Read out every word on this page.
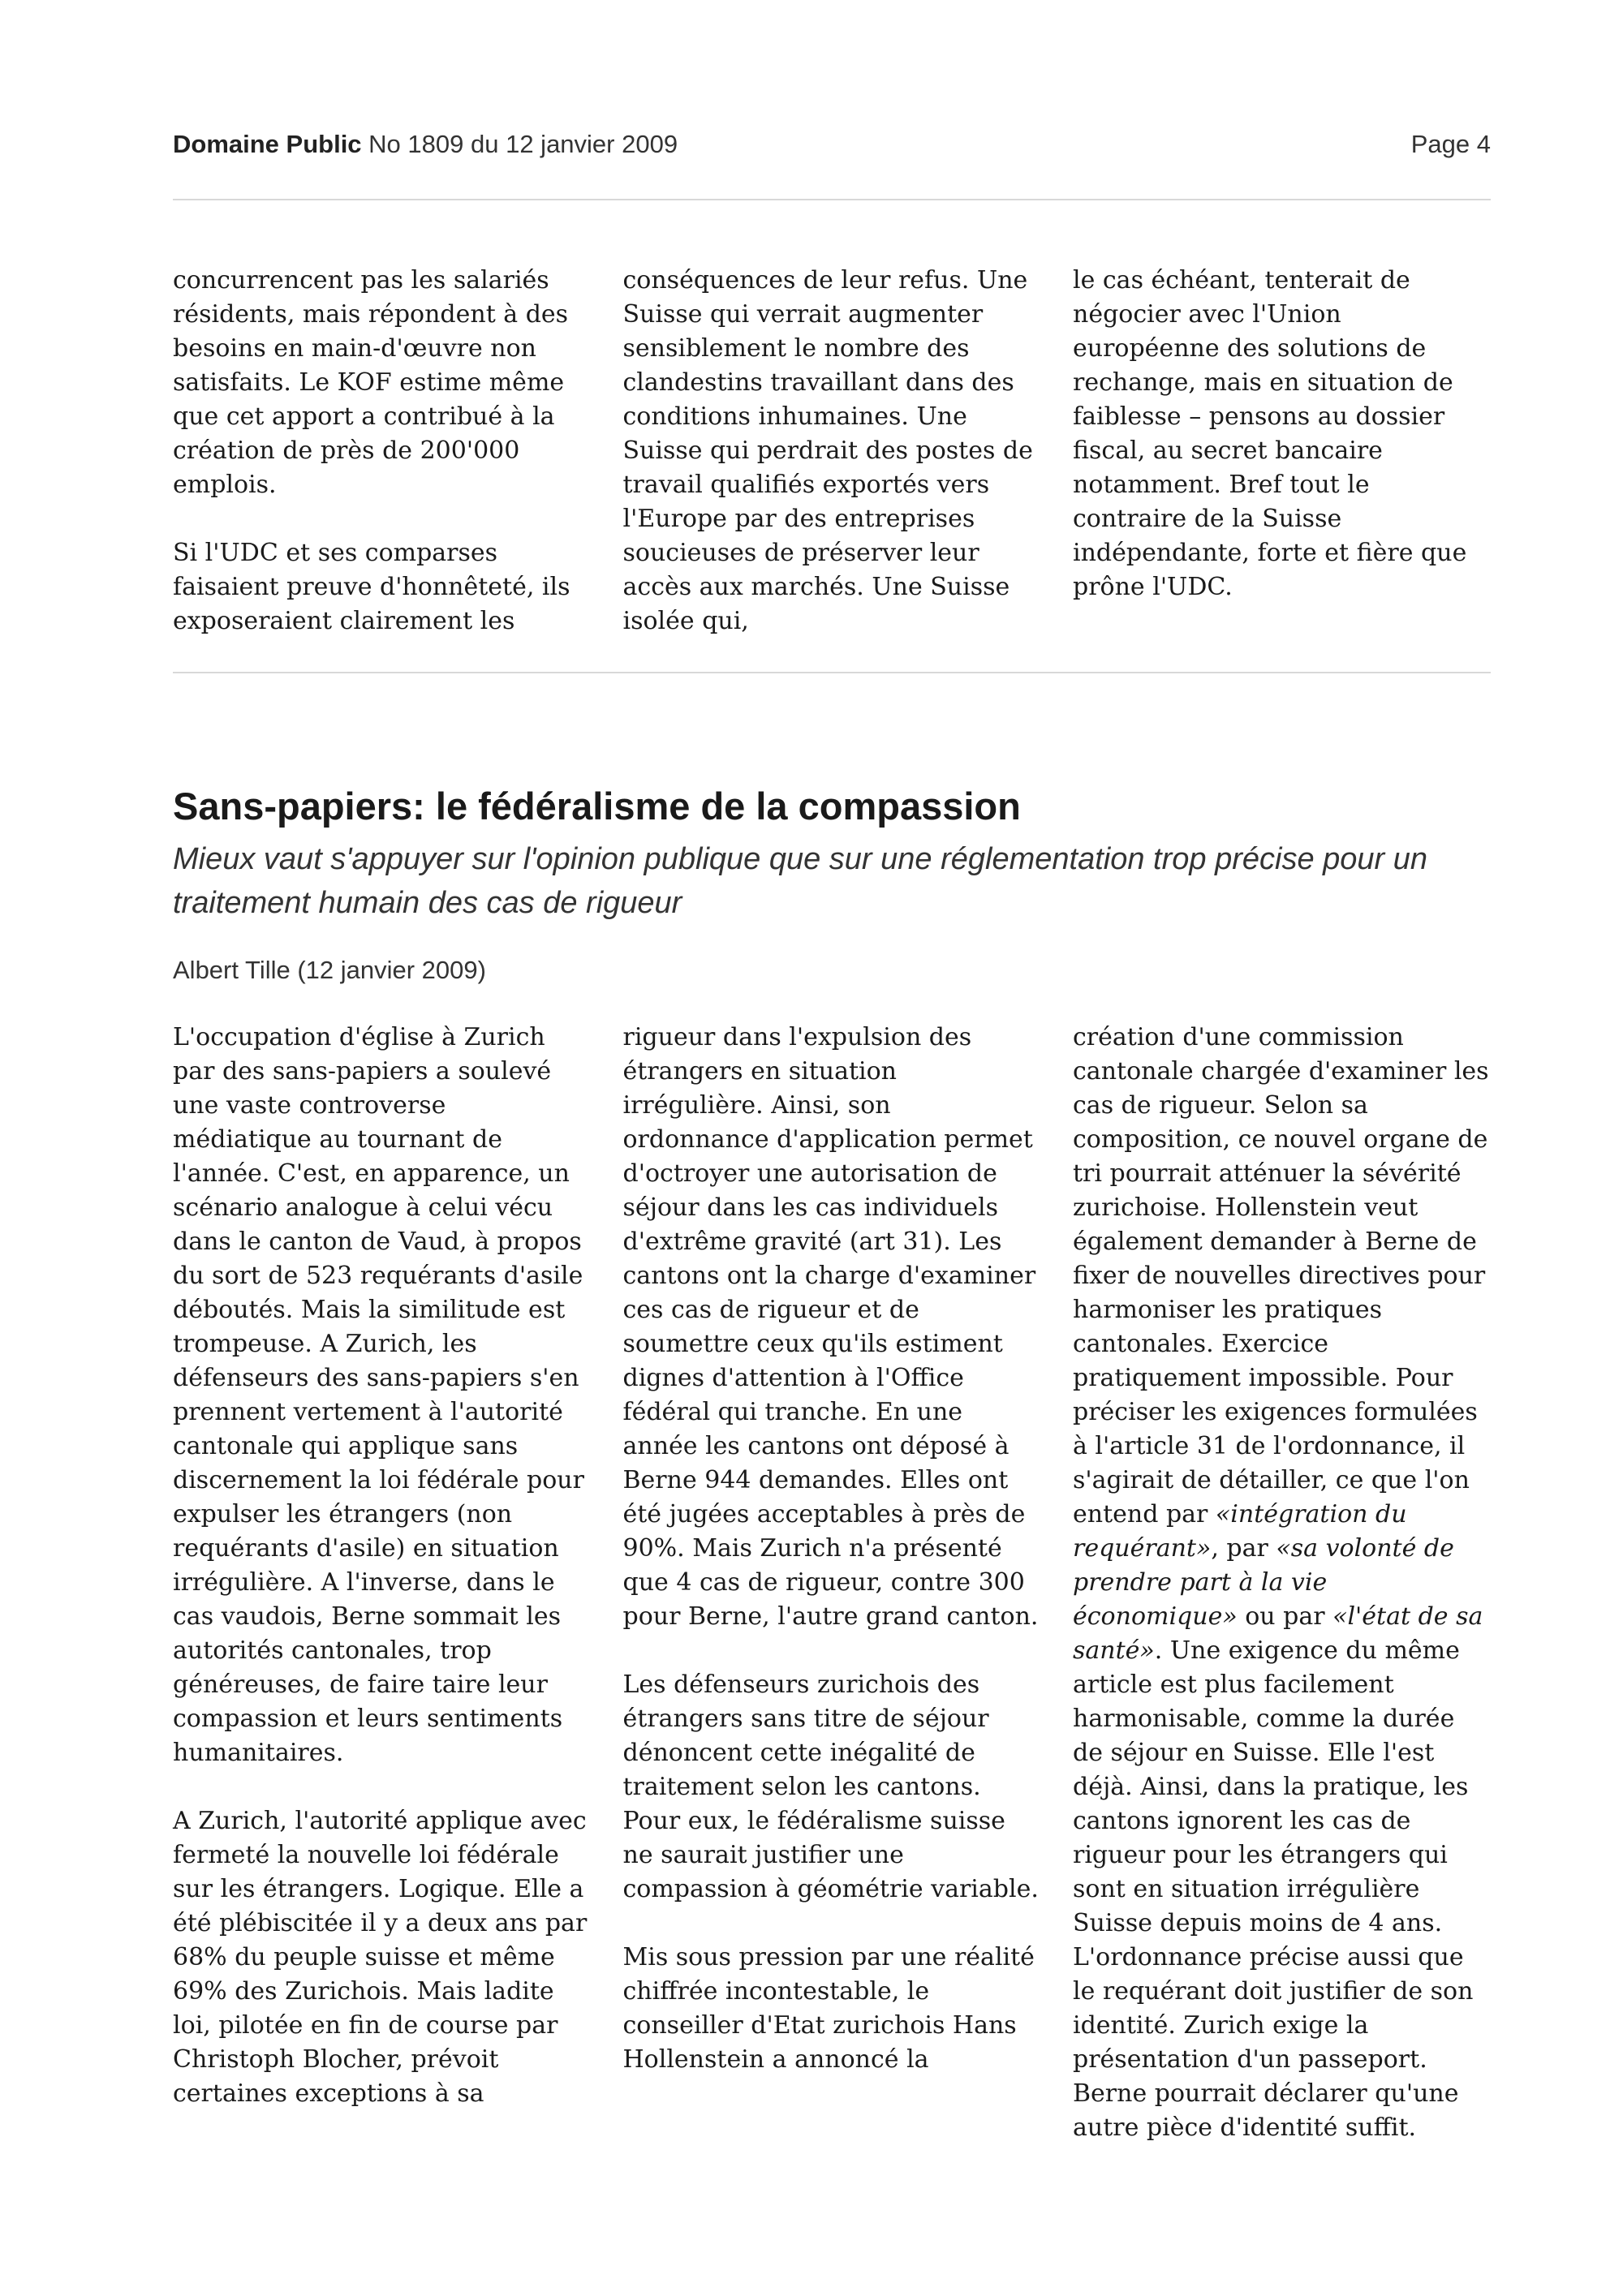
Domaine Public No 1809 du 12 janvier 2009	Page 4

concurrencent pas les salariés résidents, mais répondent à des besoins en main-d'œuvre non satisfaits. Le KOF estime même que cet apport a contribué à la création de près de 200'000 emplois.

Si l'UDC et ses comparses faisaient preuve d'honnêteté, ils exposeraient clairement les

conséquences de leur refus. Une Suisse qui verrait augmenter sensiblement le nombre des clandestins travaillant dans des conditions inhumaines. Une Suisse qui perdrait des postes de travail qualifiés exportés vers l'Europe par des entreprises soucieuses de préserver leur accès aux marchés. Une Suisse isolée qui,

le cas échéant, tenterait de négocier avec l'Union européenne des solutions de rechange, mais en situation de faiblesse – pensons au dossier fiscal, au secret bancaire notamment. Bref tout le contraire de la Suisse indépendante, forte et fière que prône l'UDC.

Sans-papiers: le fédéralisme de la compassion
Mieux vaut s'appuyer sur l'opinion publique que sur une réglementation trop précise pour un traitement humain des cas de rigueur
Albert Tille (12 janvier 2009)

L'occupation d'église à Zurich par des sans-papiers a soulevé une vaste controverse médiatique au tournant de l'année. C'est, en apparence, un scénario analogue à celui vécu dans le canton de Vaud, à propos du sort de 523 requérants d'asile déboutés. Mais la similitude est trompeuse. A Zurich, les défenseurs des sans-papiers s'en prennent vertement à l'autorité cantonale qui applique sans discernement la loi fédérale pour expulser les étrangers (non requérants d'asile) en situation irrégulière. A l'inverse, dans le cas vaudois, Berne sommait les autorités cantonales, trop généreuses, de faire taire leur compassion et leurs sentiments humanitaires.

A Zurich, l'autorité applique avec fermeté la nouvelle loi fédérale sur les étrangers. Logique. Elle a été plébiscitée il y a deux ans par 68% du peuple suisse et même 69% des Zurichois. Mais ladite loi, pilotée en fin de course par Christoph Blocher, prévoit certaines exceptions à sa

rigueur dans l'expulsion des étrangers en situation irrégulière. Ainsi, son ordonnance d'application permet d'octroyer une autorisation de séjour dans les cas individuels d'extrême gravité (art 31). Les cantons ont la charge d'examiner ces cas de rigueur et de soumettre ceux qu'ils estiment dignes d'attention à l'Office fédéral qui tranche. En une année les cantons ont déposé à Berne 944 demandes. Elles ont été jugées acceptables à près de 90%. Mais Zurich n'a présenté que 4 cas de rigueur, contre 300 pour Berne, l'autre grand canton.

Les défenseurs zurichois des étrangers sans titre de séjour dénoncent cette inégalité de traitement selon les cantons. Pour eux, le fédéralisme suisse ne saurait justifier une compassion à géométrie variable.

Mis sous pression par une réalité chiffrée incontestable, le conseiller d'Etat zurichois Hans Hollenstein a annoncé la

création d'une commission cantonale chargée d'examiner les cas de rigueur. Selon sa composition, ce nouvel organe de tri pourrait atténuer la sévérité zurichoise. Hollenstein veut également demander à Berne de fixer de nouvelles directives pour harmoniser les pratiques cantonales. Exercice pratiquement impossible. Pour préciser les exigences formulées à l'article 31 de l'ordonnance, il s'agirait de détailler, ce que l'on entend par «intégration du requérant», par «sa volonté de prendre part à la vie économique» ou par «l'état de sa santé». Une exigence du même article est plus facilement harmonisable, comme la durée de séjour en Suisse. Elle l'est déjà. Ainsi, dans la pratique, les cantons ignorent les cas de rigueur pour les étrangers qui sont en situation irrégulière Suisse depuis moins de 4 ans. L'ordonnance précise aussi que le requérant doit justifier de son identité. Zurich exige la présentation d'un passeport. Berne pourrait déclarer qu'une autre pièce d'identité suffit.
